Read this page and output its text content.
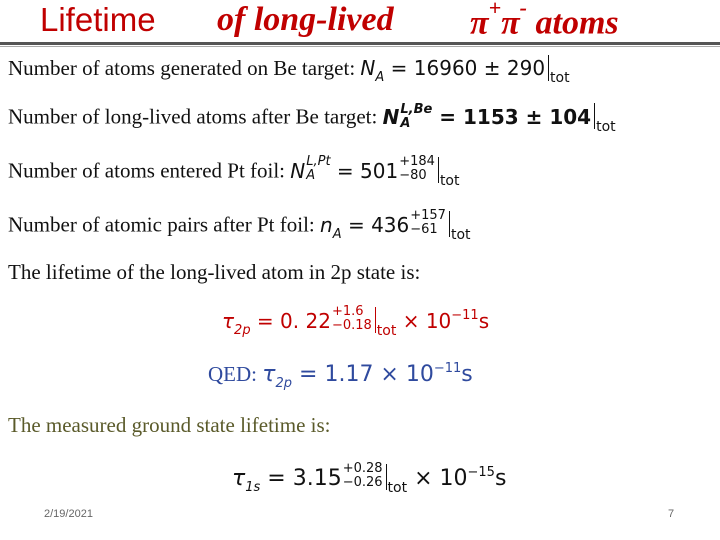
Lifetime of long-lived π+π- atoms
Number of atoms generated on Be target: $N_A = 16960 \pm 290$ $_{tot}$
Number of long-lived atoms after Be target: N L,Be
A	= 1153 ± 104 $_{tot}$
Number of atoms entered Pt foil: N L,Pt
A = 501 +184
−80 $_{tot}$
Number of atomic pairs after Pt foil: $n_A = 436 +157$
−61 $_{tot}$
The lifetime of the long-lived atom in 2p state is:
$\tau_{2p} = 0$. 22 +1.6
−0.18 $_{tot} \times 10^{-11}s$
QED: $\tau_{2p} = 1.17 \times 10^{-11}s$
The measured ground state lifetime is:
$\tau_{1s} = 3.15 +0.28$
−0.26 $_{tot} \times 10^{-15}s$
2/19/2021	7
